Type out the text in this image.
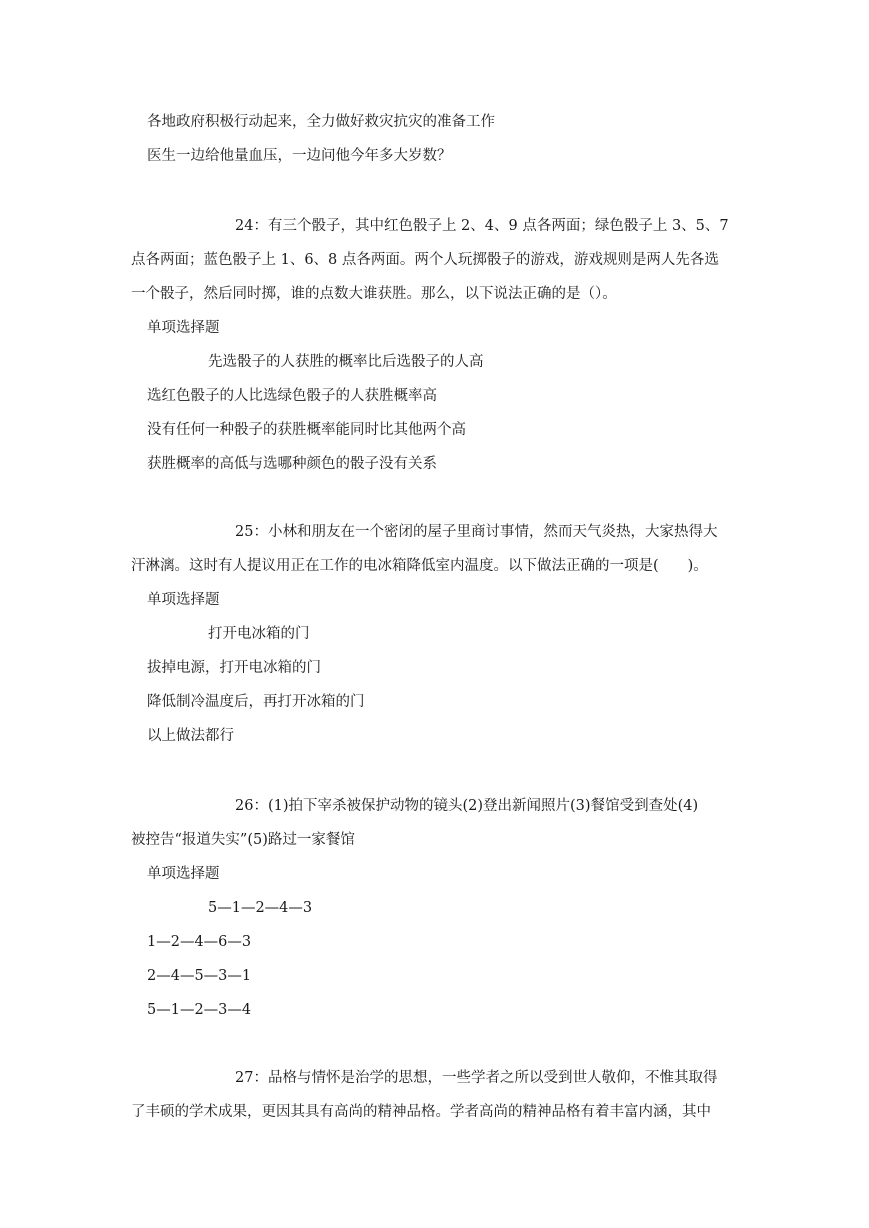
各地政府积极行动起来，全力做好救灾抗灾的准备工作
医生一边给他量血压，一边问他今年多大岁数？
24：有三个骰子，其中红色骰子上 2、4、9 点各两面；绿色骰子上 3、5、7
点各两面；蓝色骰子上 1、6、8 点各两面。两个人玩掷骰子的游戏，游戏规则是两人先各选
一个骰子，然后同时掷，谁的点数大谁获胜。那么，以下说法正确的是（）。
单项选择题
先选骰子的人获胜的概率比后选骰子的人高
选红色骰子的人比选绿色骰子的人获胜概率高
没有任何一种骰子的获胜概率能同时比其他两个高
获胜概率的高低与选哪种颜色的骰子没有关系
25：小林和朋友在一个密闭的屋子里商讨事情，然而天气炎热，大家热得大
汗淋漓。这时有人提议用正在工作的电冰箱降低室内温度。以下做法正确的一项是(　　)。
单项选择题
打开电冰箱的门
拔掉电源，打开电冰箱的门
降低制冷温度后，再打开冰箱的门
以上做法都行
26：(1)拍下宰杀被保护动物的镜头(2)登出新闻照片(3)餐馆受到查处(4)
被控告“报道失实”(5)路过一家餐馆
单项选择题
5—1—2—4—3
1—2—4—6—3
2—4—5—3—1
5—1—2—3—4
27：品格与情怀是治学的思想，一些学者之所以受到世人敬仰，不惟其取得
了丰硕的学术成果，更因其具有高尚的精神品格。学者高尚的精神品格有着丰富内涵，其中
